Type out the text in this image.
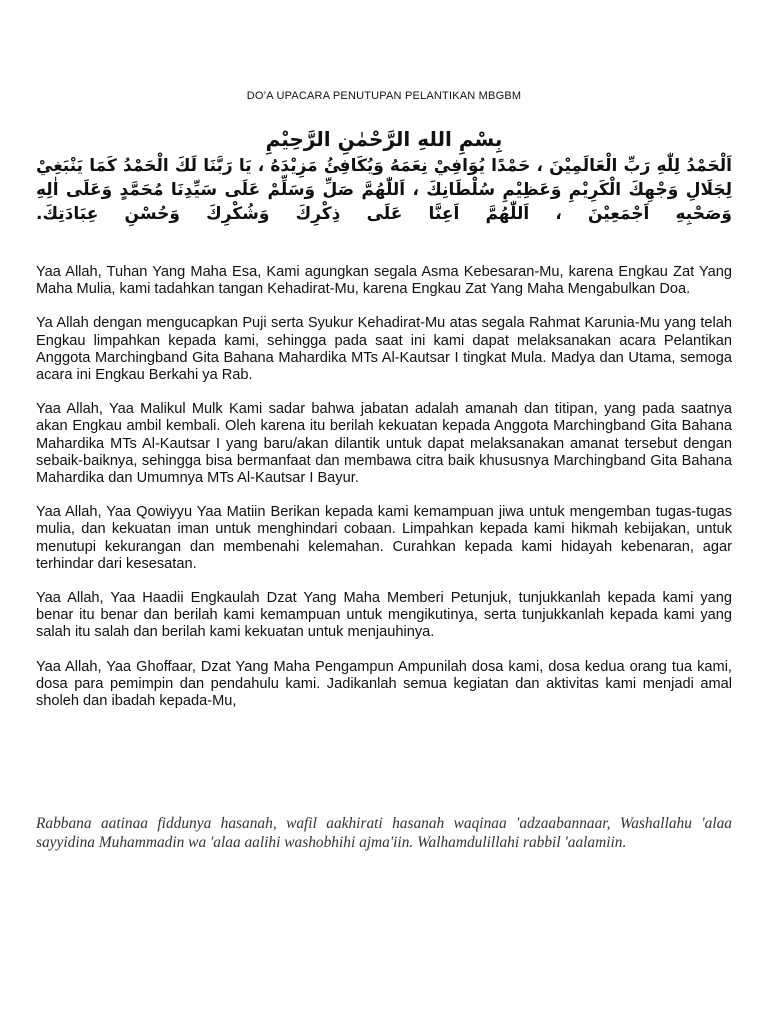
DO’A UPACARA PENUTUPAN PELANTIKAN MBGBM
بِسْمِ اللهِ الرَّحْمٰنِ الرَّحِيْمِ
اَلْحَمْدُ لِلّٰهِ رَبِّ الْعَالَمِيْنَ ، حَمْدًا يُوَافِيْ نِعَمَهُ وَيُكَافِئُ مَزِيْدَهُ ، يَا رَبَّنَا لَكَ الْحَمْدُ كَمَا يَنْبَغِيْ
لِجَلَالِ وَجْهِكَ الْكَرِيْمِ وَعَظِيْمِ سُلْطَانِكَ ، اَللّٰهُمَّ صَلِّ وَسَلِّمْ عَلَى سَيِّدِنَا مُحَمَّدٍ وَعَلَى اٰلِهِ
وَصَحْبِهِ اَجْمَعِيْنَ ، اَللّٰهُمَّ اَعِنَّا عَلَى ذِكْرِكَ وَشُكْرِكَ وَحُسْنِ عِبَادَتِكَ.

Yaa Allah, Tuhan Yang Maha Esa, Kami agungkan segala Asma Kebesaran-Mu, karena Engkau Zat Yang Maha Mulia, kami tadahkan tangan Kehadirat-Mu, karena Engkau Zat Yang Maha Mengabulkan Doa.

Ya Allah dengan mengucapkan Puji serta Syukur Kehadirat-Mu atas segala Rahmat Karunia-Mu yang telah Engkau limpahkan kepada kami, sehingga pada saat ini kami dapat melaksanakan acara Pelantikan Anggota Marchingband Gita Bahana Mahardika MTs Al-Kautsar I tingkat Mula. Madya dan Utama, semoga acara ini Engkau Berkahi ya Rab.

Yaa Allah, Yaa Malikul Mulk Kami sadar bahwa jabatan adalah amanah dan titipan, yang pada saatnya akan Engkau ambil kembali. Oleh karena itu berilah kekuatan kepada Anggota Marchingband Gita Bahana Mahardika MTs Al-Kautsar I yang baru/akan dilantik untuk dapat melaksanakan amanat tersebut dengan sebaik-baiknya, sehingga bisa bermanfaat dan membawa citra baik khususnya Marchingband Gita Bahana Mahardika dan Umumnya MTs Al-Kautsar I Bayur.

Yaa Allah, Yaa Qowiyyu Yaa Matiin Berikan kepada kami kemampuan jiwa untuk mengemban tugas-tugas mulia, dan kekuatan iman untuk menghindari cobaan. Limpahkan kepada kami hikmah kebijakan, untuk menutupi kekurangan dan membenahi kelemahan. Curahkan kepada kami hidayah kebenaran, agar terhindar dari kesesatan.

Yaa Allah, Yaa Haadii Engkaulah Dzat Yang Maha Memberi Petunjuk, tunjukkanlah kepada kami yang benar itu benar dan berilah kami kemampuan untuk mengikutinya, serta tunjukkanlah kepada kami yang salah itu salah dan berilah kami kekuatan untuk menjauhinya.

Yaa Allah, Yaa Ghoffaar, Dzat Yang Maha Pengampun Ampunilah dosa kami, dosa kedua orang tua kami, dosa para pemimpin dan pendahulu kami. Jadikanlah semua kegiatan dan aktivitas kami menjadi amal sholeh dan ibadah kepada-Mu,

Rabbana aatinaa fiddunya hasanah, wafil aakhirati hasanah waqinaa 'adzaabannaar, Washallahu 'alaa sayyidina Muhammadin wa 'alaa aalihi washobhihi ajma'iin. Walhamdulillahi rabbil 'aalamiin.
